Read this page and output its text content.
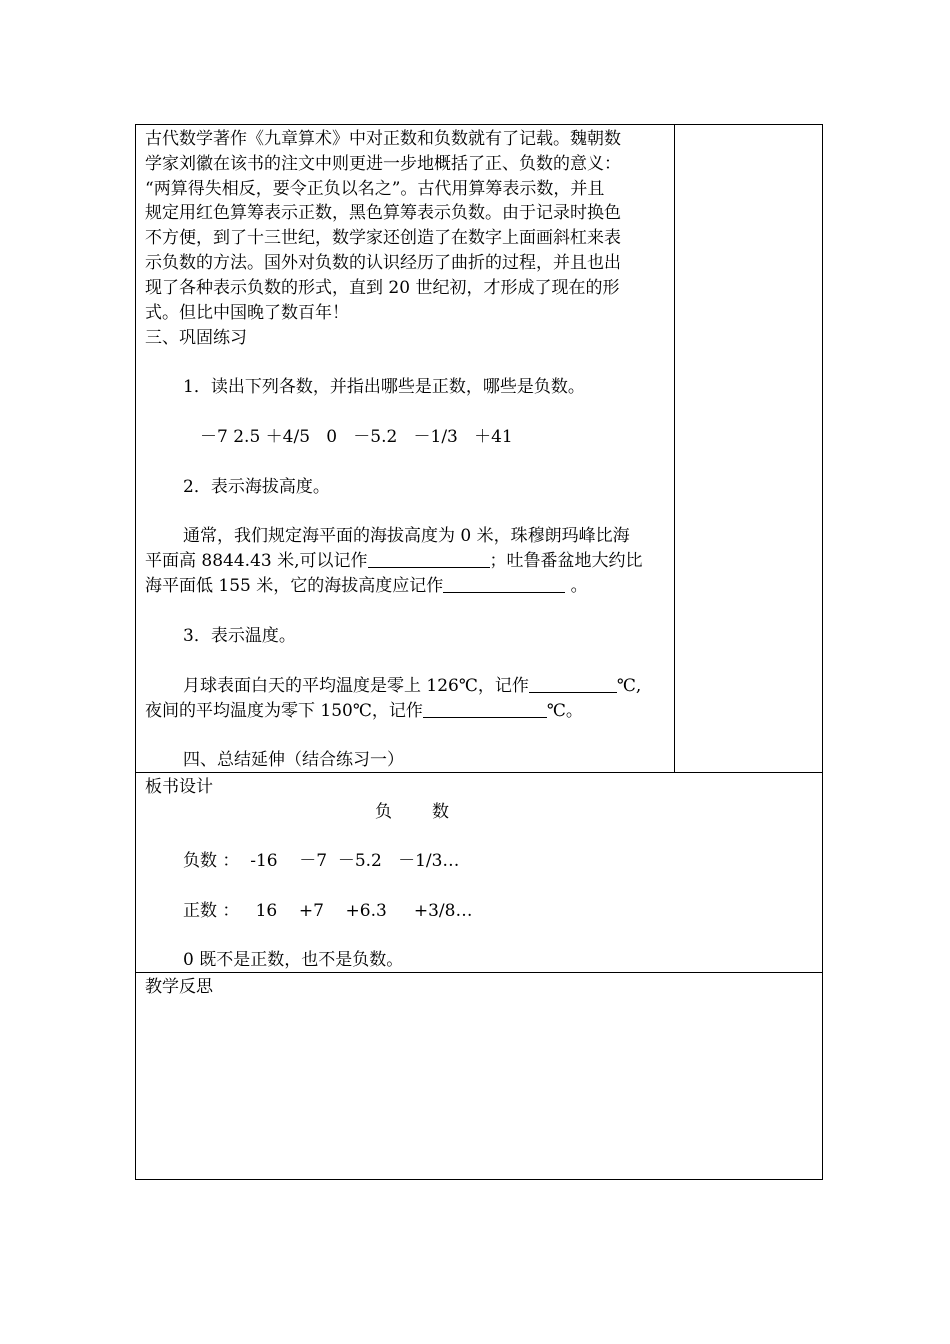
古代数学著作《九章算术》中对正数和负数就有了记载。魏朝数
学家刘徽在该书的注文中则更进一步地概括了正、负数的意义：
“两算得失相反，要令正负以名之”。古代用算筹表示数，并且
规定用红色算筹表示正数，黑色算筹表示负数。由于记录时换色
不方便，到了十三世纪，数学家还创造了在数字上面画斜杠来表
示负数的方法。国外对负数的认识经历了曲折的过程，并且也出
现了各种表示负数的形式，直到 20 世纪初，才形成了现在的形
式。但比中国晚了数百年！

三、巩固练习

1．读出下列各数，并指出哪些是正数，哪些是负数。

－7 2.5 ＋4/5   0   －5.2   －1/3   ＋41

2．表示海拔高度。

通常，我们规定海平面的海拔高度为 0 米，珠穆朗玛峰比海

平面高 8844.43 米,可以记作	；吐鲁番盆地大约比

海平面低 155 米，它的海拔高度应记作	。

3．表示温度。

月球表面白天的平均温度是零上 126℃，记作	℃,

夜间的平均温度为零下 150℃，记作	℃。

四、总结延伸（结合练习一）

板书设计

负 数

负数 ：  -16    －7  －5.2   －1/3…

正数 ：   16    +7    +6.3     +3/8…

0 既不是正数，也不是负数。

教学反思
